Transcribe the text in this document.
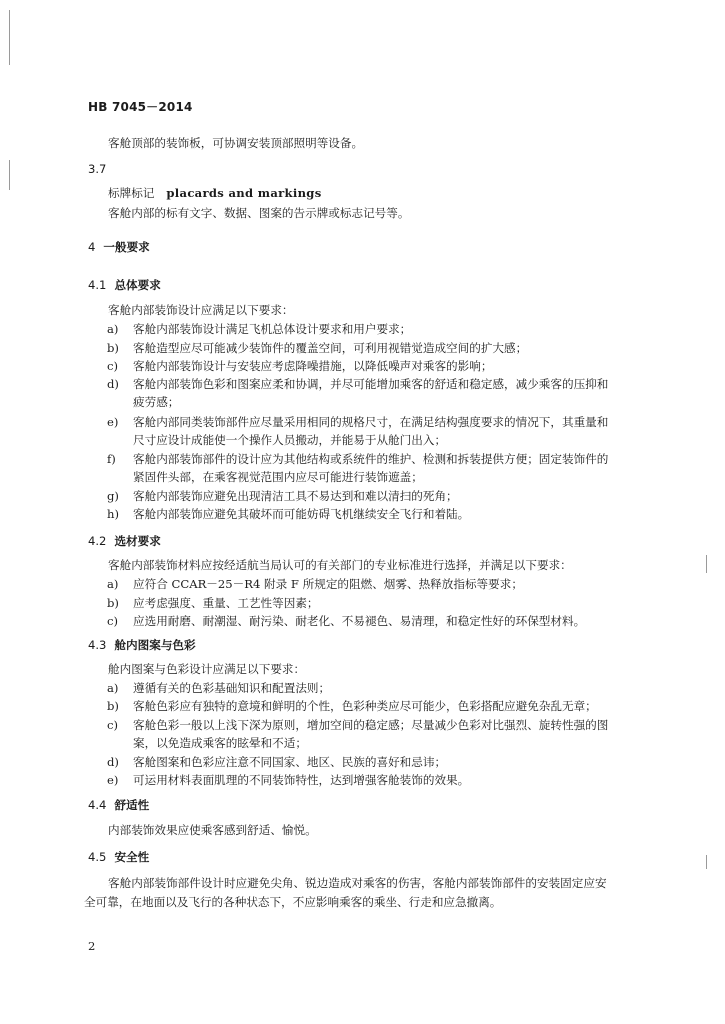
HB 7045－2014
客舱顶部的装饰板，可协调安装顶部照明等设备。
3.7
标牌标记 placards and markings
客舱内部的标有文字、数据、图案的告示牌或标志记号等。
4 一般要求
4.1 总体要求
客舱内部装饰设计应满足以下要求：
a) 客舱内部装饰设计满足飞机总体设计要求和用户要求；
b) 客舱造型应尽可能减少装饰件的覆盖空间，可利用视错觉造成空间的扩大感；
c) 客舱内部装饰设计与安装应考虑降噪措施，以降低噪声对乘客的影响；
d) 客舱内部装饰色彩和图案应柔和协调，并尽可能增加乘客的舒适和稳定感，减少乘客的压抑和
疲劳感；
e) 客舱内部同类装饰部件应尽量采用相同的规格尺寸，在满足结构强度要求的情况下，其重量和
尺寸应设计成能使一个操作人员搬动，并能易于从舱门出入；
f) 客舱内部装饰部件的设计应为其他结构或系统件的维护、检测和拆装提供方便；固定装饰件的
紧固件头部，在乘客视觉范围内应尽可能进行装饰遮盖；
g) 客舱内部装饰应避免出现清洁工具不易达到和难以清扫的死角；
h) 客舱内部装饰应避免其破坏而可能妨碍飞机继续安全飞行和着陆。
4.2 选材要求
客舱内部装饰材料应按经适航当局认可的有关部门的专业标准进行选择，并满足以下要求：
a) 应符合 CCAR－25－R4 附录 F 所规定的阻燃、烟雾、热释放指标等要求；
b) 应考虑强度、重量、工艺性等因素；
c) 应选用耐磨、耐潮湿、耐污染、耐老化、不易褪色、易清理，和稳定性好的环保型材料。
4.3 舱内图案与色彩
舱内图案与色彩设计应满足以下要求：
a) 遵循有关的色彩基础知识和配置法则；
b) 客舱色彩应有独特的意境和鲜明的个性，色彩种类应尽可能少，色彩搭配应避免杂乱无章；
c) 客舱色彩一般以上浅下深为原则，增加空间的稳定感；尽量减少色彩对比强烈、旋转性强的图
案，以免造成乘客的眩晕和不适；
d) 客舱图案和色彩应注意不同国家、地区、民族的喜好和忌讳；
e) 可运用材料表面肌理的不同装饰特性，达到增强客舱装饰的效果。
4.4 舒适性
内部装饰效果应使乘客感到舒适、愉悦。
4.5 安全性
客舱内部装饰部件设计时应避免尖角、锐边造成对乘客的伤害，客舱内部装饰部件的安装固定应安
全可靠，在地面以及飞行的各种状态下，不应影响乘客的乘坐、行走和应急撤离。
2
